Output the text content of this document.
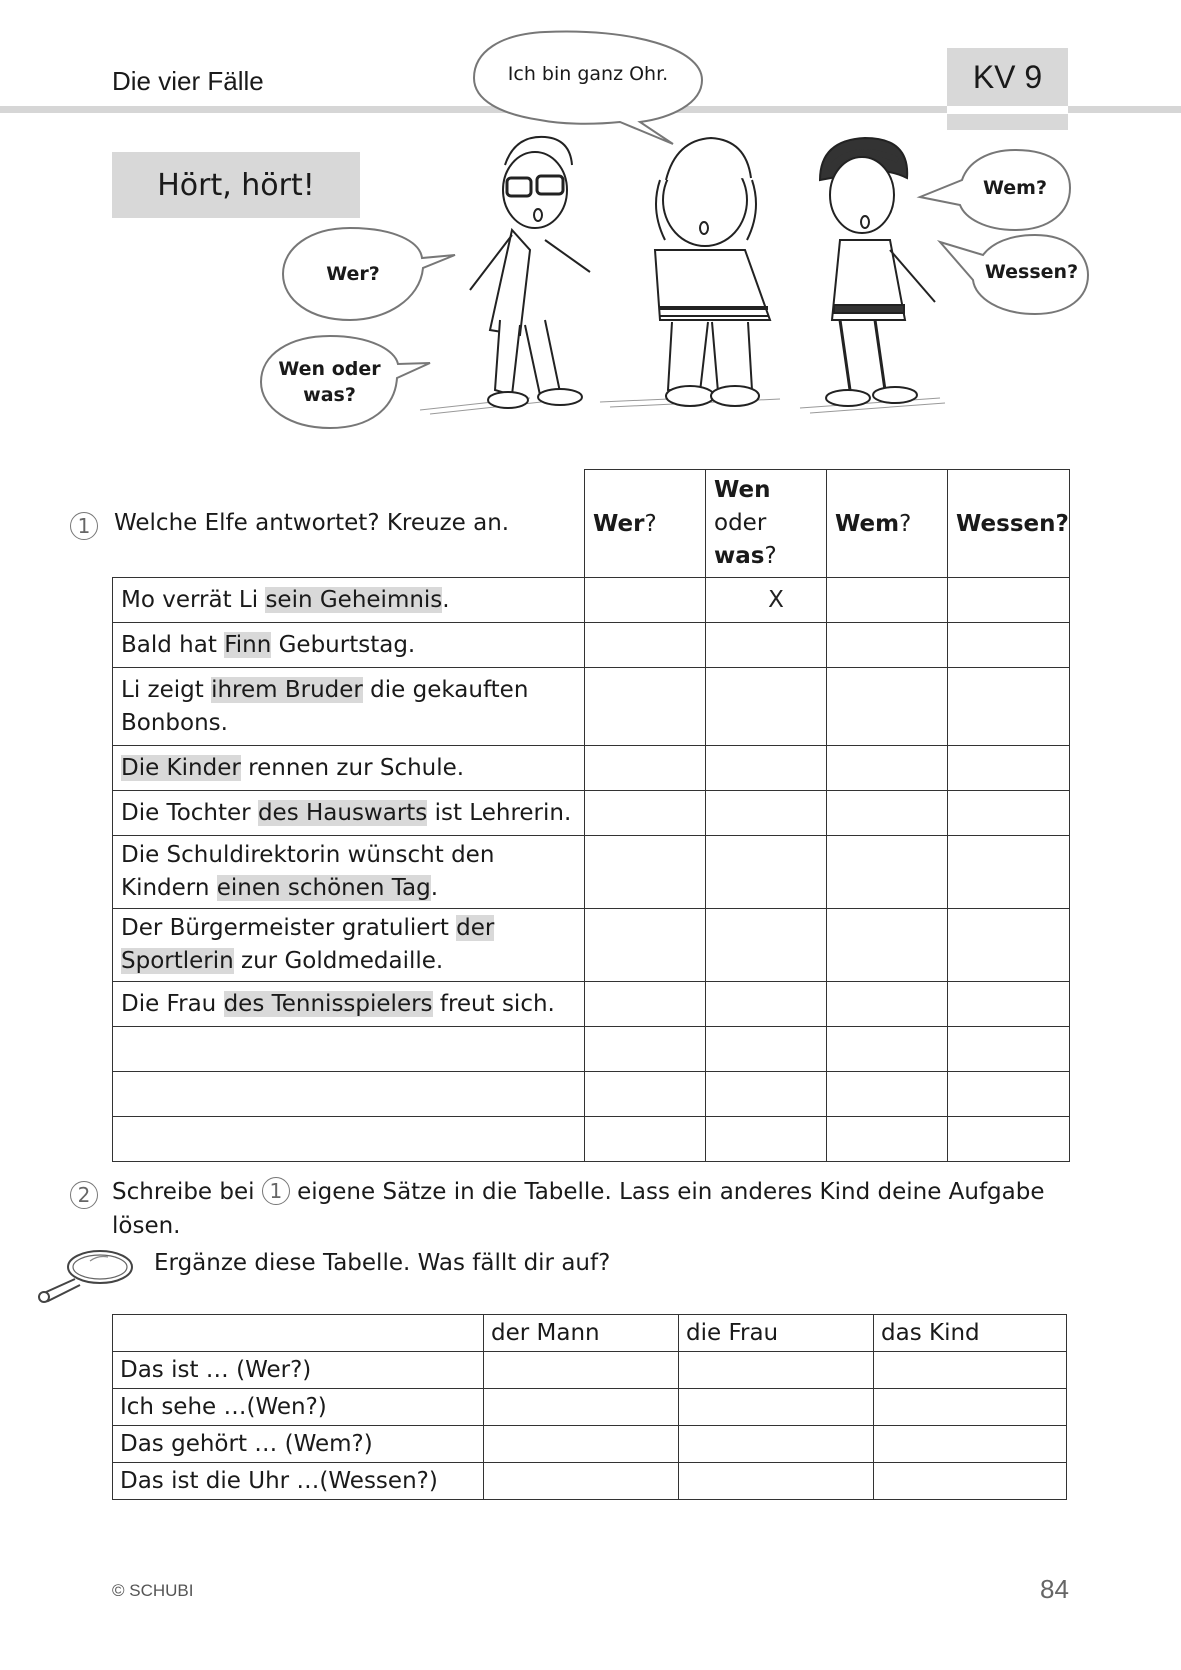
Die vier Fälle	KV 9
Hört, hört!
Ich bin ganz Ohr.
Wer?
Wen oder
was?
Wem?
Wessen?
1	Welche Elfe antwortet? Kreuze an.
		Wer?	Wen
oder
was?	Wem?	Wessen?
Mo verrät Li sein Geheimnis.		X		
Bald hat Finn Geburtstag.				
Li zeigt ihrem Bruder die gekauften Bonbons.				
Die Kinder rennen zur Schule.				
Die Tochter des Hauswarts ist Lehrerin.				
Die Schuldirektorin wünscht den Kindern einen schönen Tag.				
Der Bürgermeister gratuliert der Sportlerin zur Goldmedaille.				
Die Frau des Tennisspielers freut sich.				

2 Schreibe bei 1 eigene Sätze in die Tabelle. Lass ein anderes Kind deine Aufgabe
lösen.
Ergänze diese Tabelle. Was fällt dir auf?
	der Mann	die Frau	das Kind
Das ist … (Wer?)			
Ich sehe …(Wen?)			
Das gehört … (Wem?)			
Das ist die Uhr …(Wessen?)			
© SCHUBI	84
